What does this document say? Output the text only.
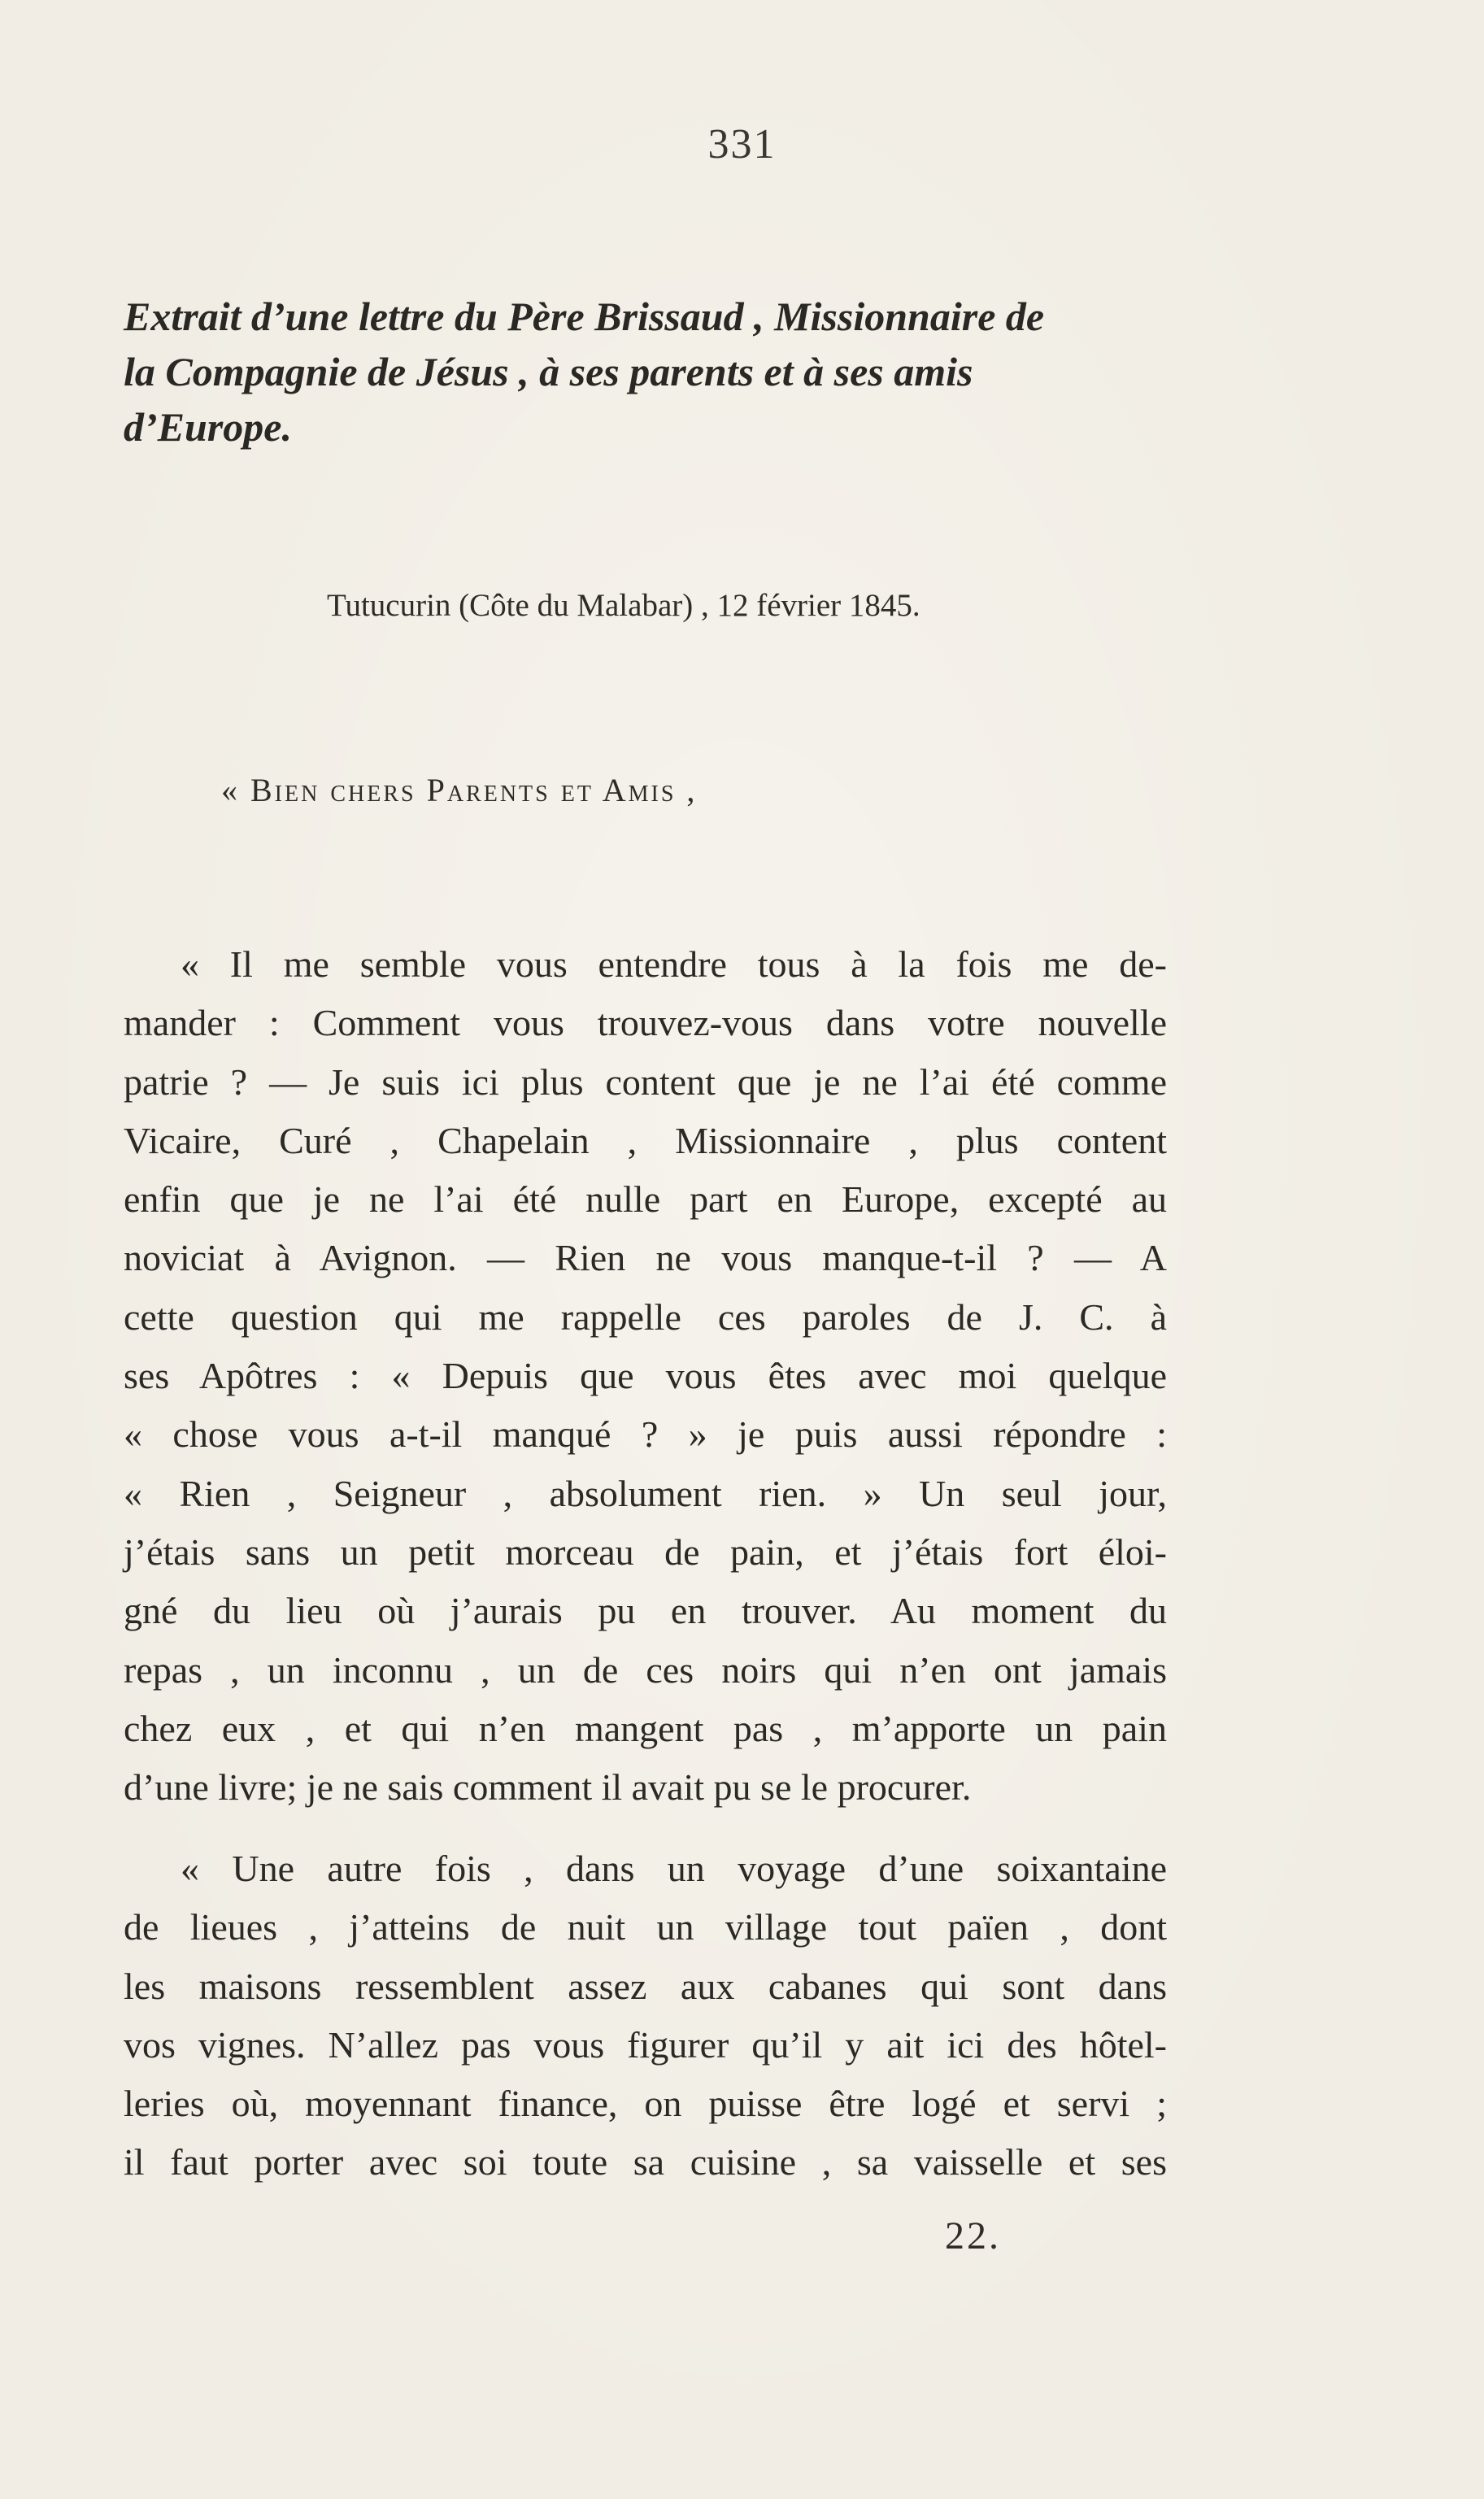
331
Extrait d’une lettre du Père Brissaud , Missionnaire de
la Compagnie de Jésus , à ses parents et à ses amis
d’Europe.
Tutucurin (Côte du Malabar) , 12 février 1845.
« Bien chers Parents et Amis ,
« Il me semble vous entendre tous à la fois me de-
mander : Comment vous trouvez-vous dans votre nouvelle
patrie ? — Je suis ici plus content que je ne l’ai été comme
Vicaire, Curé , Chapelain , Missionnaire , plus content
enfin que je ne l’ai été nulle part en Europe, excepté au
noviciat à Avignon. — Rien ne vous manque-t-il ? — A
cette question qui me rappelle ces paroles de J. C. à
ses Apôtres : « Depuis que vous êtes avec moi quelque
« chose vous a-t-il manqué ? » je puis aussi répondre :
« Rien , Seigneur , absolument rien. » Un seul jour,
j’étais sans un petit morceau de pain, et j’étais fort éloi-
gné du lieu où j’aurais pu en trouver. Au moment du
repas , un inconnu , un de ces noirs qui n’en ont jamais
chez eux , et qui n’en mangent pas , m’apporte un pain
d’une livre; je ne sais comment il avait pu se le procurer.
« Une autre fois , dans un voyage d’une soixantaine
de lieues , j’atteins de nuit un village tout païen , dont
les maisons ressemblent assez aux cabanes qui sont dans
vos vignes. N’allez pas vous figurer qu’il y ait ici des hôtel-
leries où, moyennant finance, on puisse être logé et servi ;
il faut porter avec soi toute sa cuisine , sa vaisselle et ses
22.
